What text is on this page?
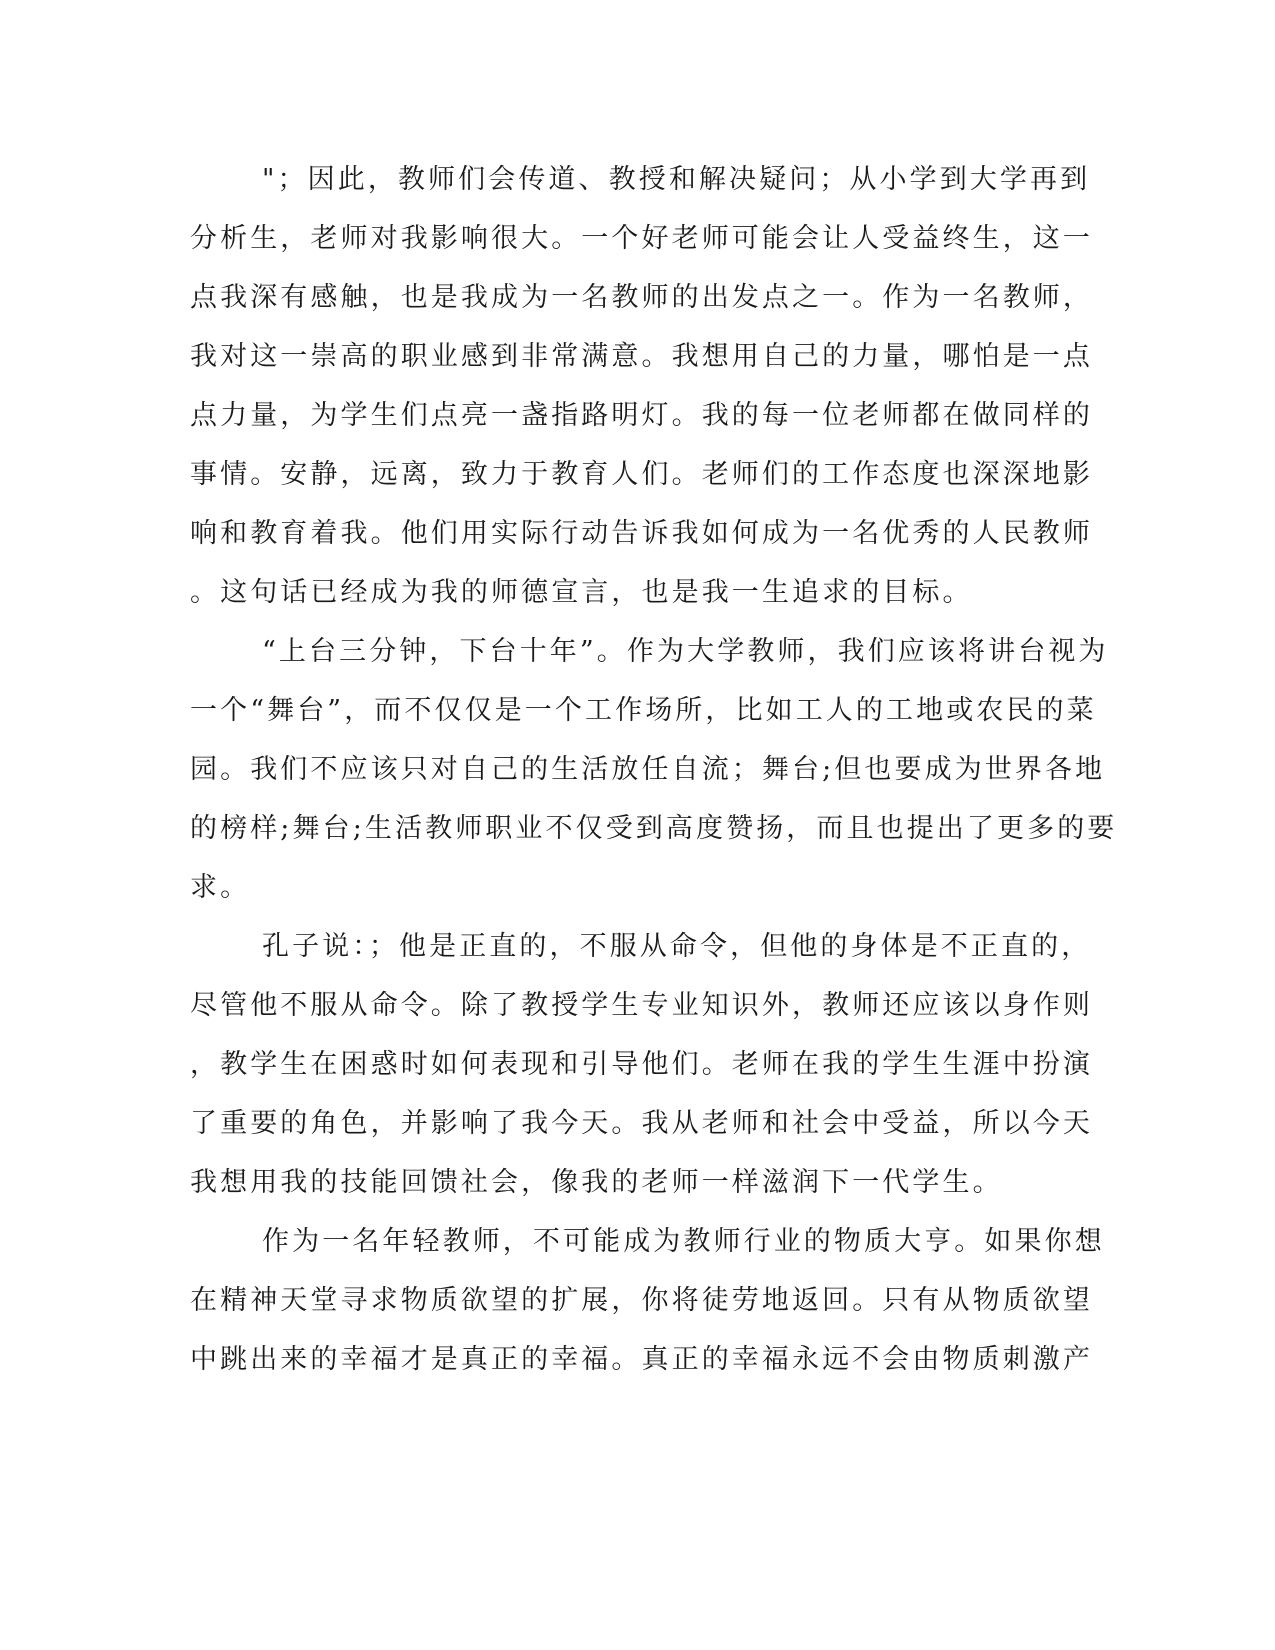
"；因此，教师们会传道、教授和解决疑问；从小学到大学再到
分析生，老师对我影响很大。一个好老师可能会让人受益终生，这一
点我深有感触，也是我成为一名教师的出发点之一。作为一名教师，
我对这一崇高的职业感到非常满意。我想用自己的力量，哪怕是一点
点力量，为学生们点亮一盏指路明灯。我的每一位老师都在做同样的
事情。安静，远离，致力于教育人们。老师们的工作态度也深深地影
响和教育着我。他们用实际行动告诉我如何成为一名优秀的人民教师
。这句话已经成为我的师德宣言，也是我一生追求的目标。
“上台三分钟，下台十年”。作为大学教师，我们应该将讲台视为
一个“舞台”，而不仅仅是一个工作场所，比如工人的工地或农民的菜
园。我们不应该只对自己的生活放任自流；舞台;但也要成为世界各地
的榜样;舞台;生活教师职业不仅受到高度赞扬，而且也提出了更多的要
求。
孔子说：；他是正直的，不服从命令，但他的身体是不正直的，
尽管他不服从命令。除了教授学生专业知识外，教师还应该以身作则
，教学生在困惑时如何表现和引导他们。老师在我的学生生涯中扮演
了重要的角色，并影响了我今天。我从老师和社会中受益，所以今天
我想用我的技能回馈社会，像我的老师一样滋润下一代学生。
作为一名年轻教师，不可能成为教师行业的物质大亨。如果你想
在精神天堂寻求物质欲望的扩展，你将徒劳地返回。只有从物质欲望
中跳出来的幸福才是真正的幸福。真正的幸福永远不会由物质刺激产
